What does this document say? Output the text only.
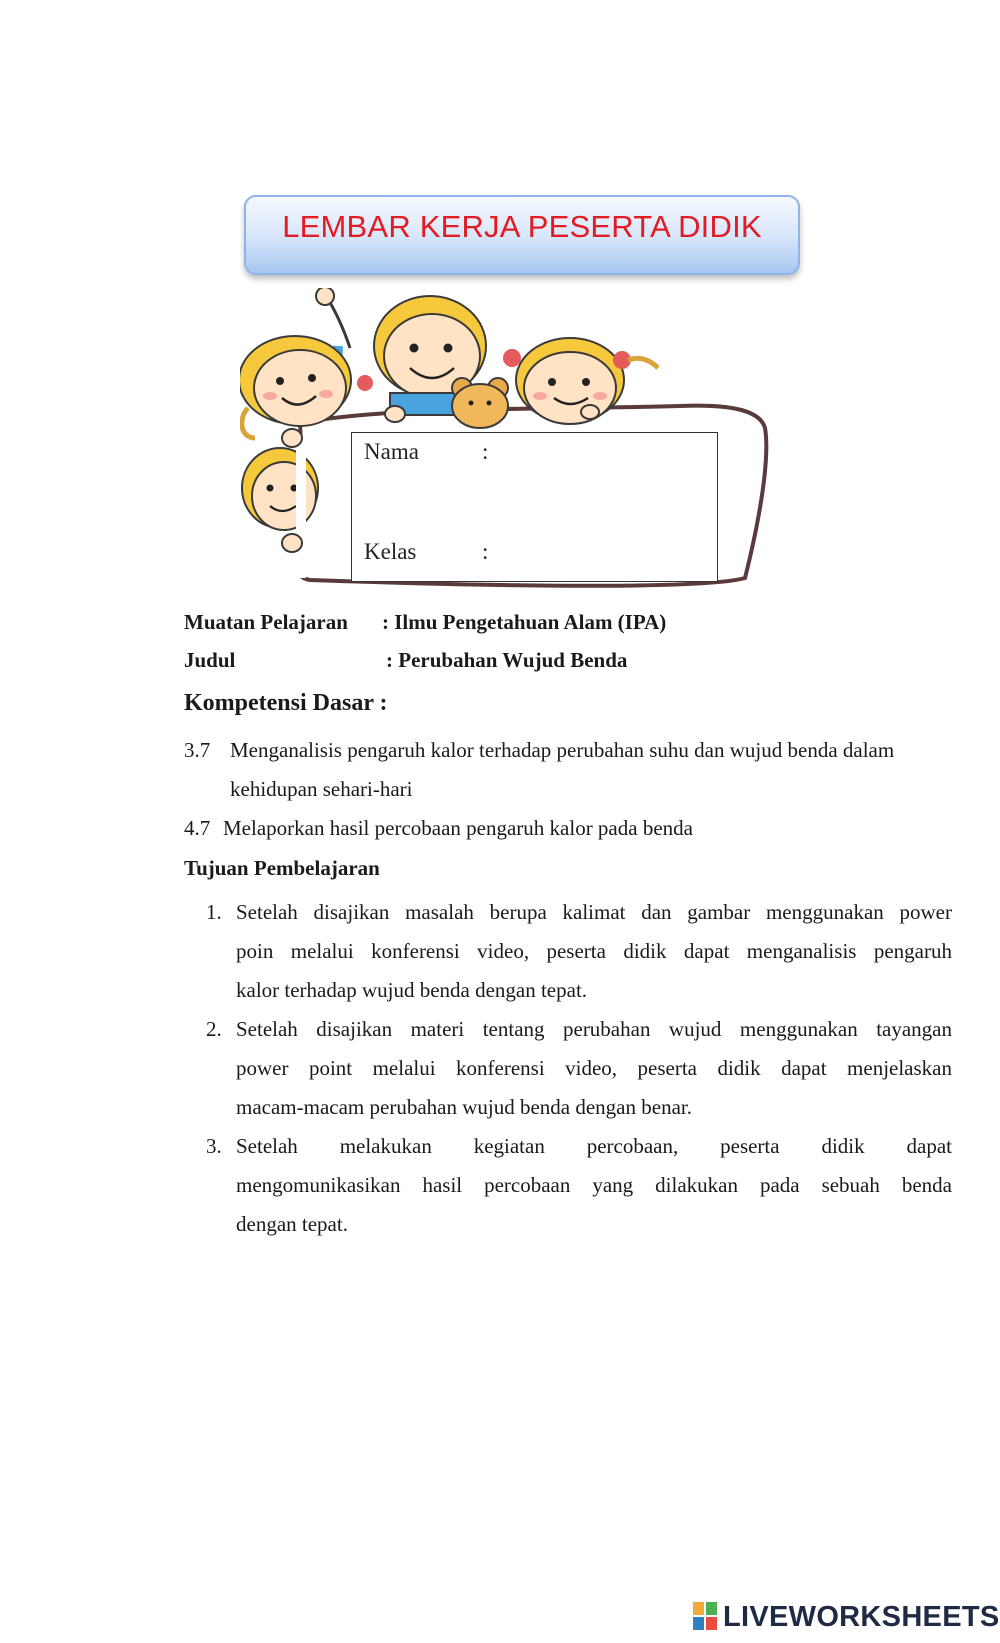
LEMBAR KERJA PESERTA DIDIK
Nama	:
Kelas	:
Muatan Pelajaran : Ilmu Pengetahuan Alam (IPA)
Judul	: Perubahan Wujud Benda
Kompetensi Dasar :
3.7 Menganalisis pengaruh kalor terhadap perubahan suhu dan wujud benda dalam
kehidupan sehari-hari
4.7 Melaporkan hasil percobaan pengaruh kalor pada benda
Tujuan Pembelajaran
1. Setelah disajikan masalah berupa kalimat dan gambar menggunakan power
poin melalui konferensi video, peserta didik dapat menganalisis pengaruh
kalor terhadap wujud benda dengan tepat.
2. Setelah disajikan materi tentang perubahan wujud menggunakan tayangan
power point melalui konferensi video, peserta didik dapat menjelaskan
macam-macam perubahan wujud benda dengan benar.
3. Setelah melakukan kegiatan percobaan, peserta didik dapat
mengomunikasikan hasil percobaan yang dilakukan pada sebuah benda
dengan tepat.
LIVEWORKSHEETS
